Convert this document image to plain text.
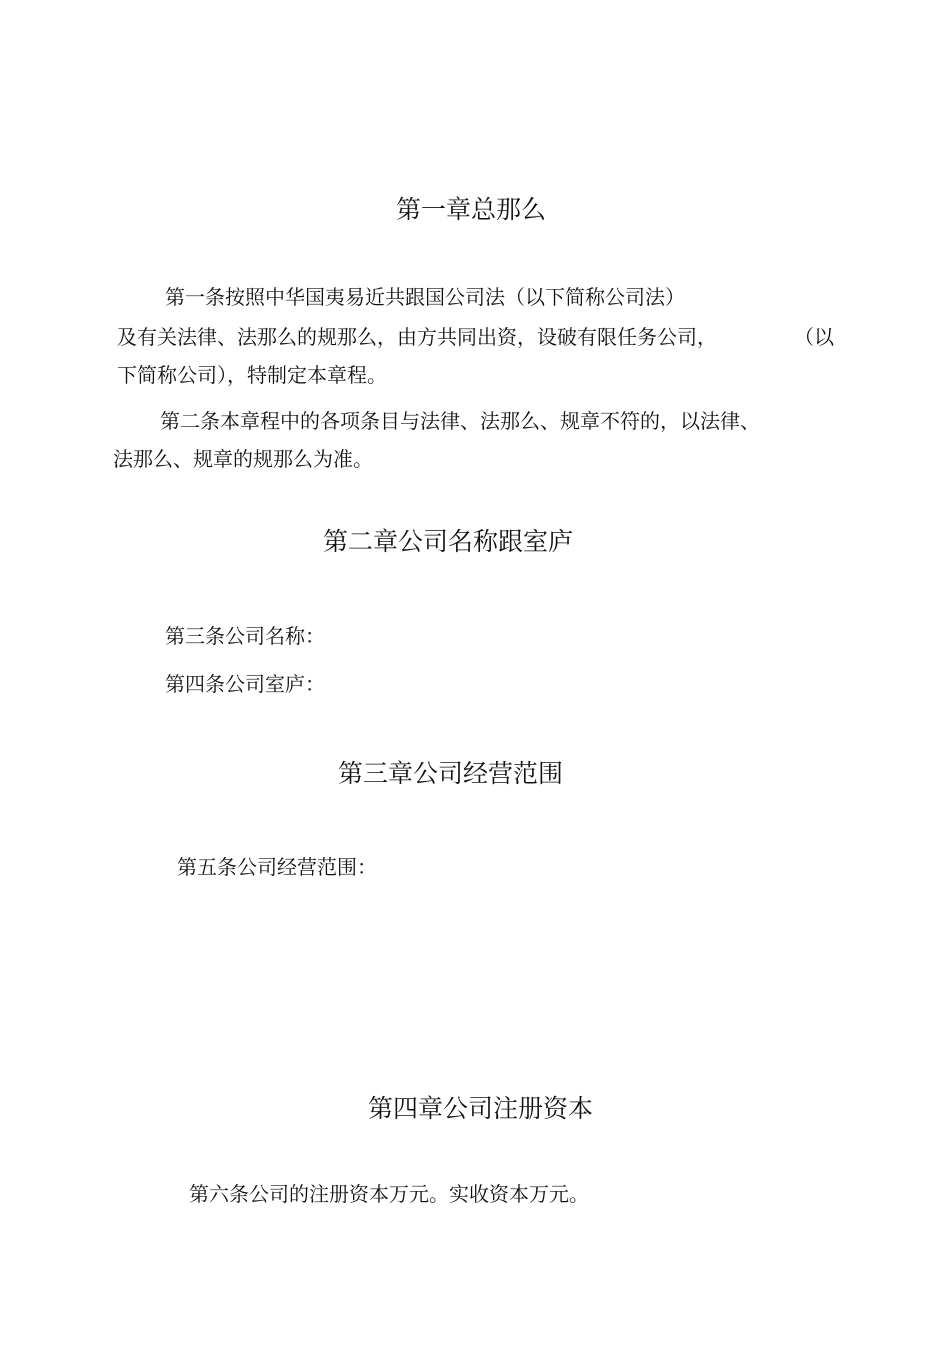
第一章总那么
第一条按照中华国夷易近共跟国公司法（以下简称公司法）
及有关法律、法那么的规那么，由方共同出资，设破有限任务公司，	（以
下简称公司），特制定本章程。
第二条本章程中的各项条目与法律、法那么、规章不符的，以法律、
法那么、规章的规那么为准。
第二章公司名称跟室庐
第三条公司名称：
第四条公司室庐：
第三章公司经营范围
第五条公司经营范围：
第四章公司注册资本
第六条公司的注册资本万元。实收资本万元。
